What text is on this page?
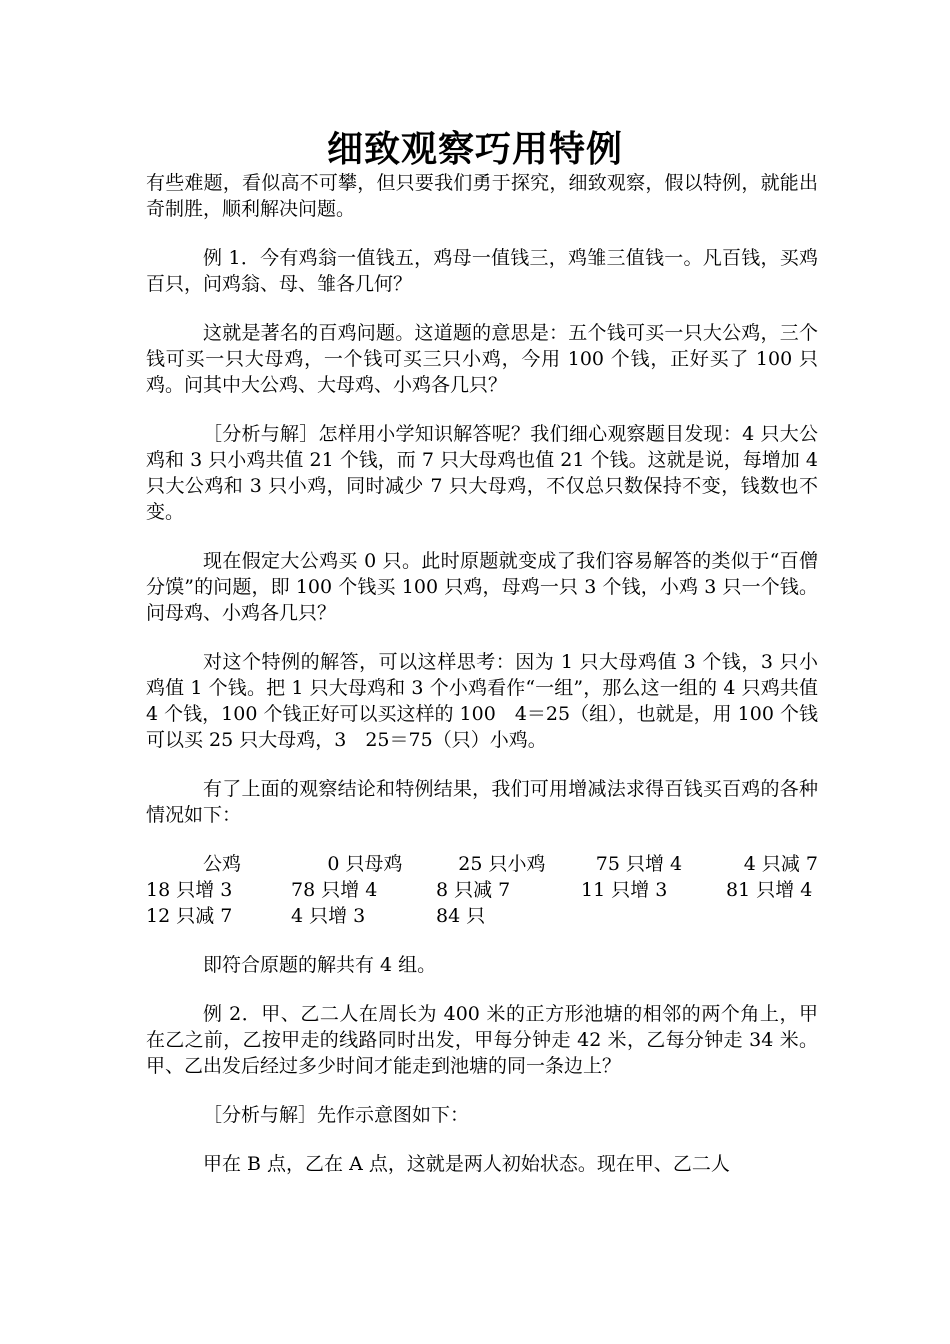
细致观察巧用特例

有些难题，看似高不可攀，但只要我们勇于探究，细致观察，假以特例，就能出奇制胜，顺利解决问题。

例 1．今有鸡翁一值钱五，鸡母一值钱三，鸡雏三值钱一。凡百钱，买鸡百只，问鸡翁、母、雏各几何？

这就是著名的百鸡问题。这道题的意思是：五个钱可买一只大公鸡，三个钱可买一只大母鸡，一个钱可买三只小鸡，今用 100 个钱，正好买了 100 只鸡。问其中大公鸡、大母鸡、小鸡各几只？

［分析与解］怎样用小学知识解答呢？我们细心观察题目发现：4 只大公鸡和 3 只小鸡共值 21 个钱，而 7 只大母鸡也值 21 个钱。这就是说，每增加 4 只大公鸡和 3 只小鸡，同时减少 7 只大母鸡，不仅总只数保持不变，钱数也不变。

现在假定大公鸡买 0 只。此时原题就变成了我们容易解答的类似于“百僧分馍”的问题，即 100 个钱买 100 只鸡，母鸡一只 3 个钱，小鸡 3 只一个钱。问母鸡、小鸡各几只？

对这个特例的解答，可以这样思考：因为 1 只大母鸡值 3 个钱，3 只小鸡值 1 个钱。把 1 只大母鸡和 3 个小鸡看作“一组”，那么这一组的 4 只鸡共值 4 个钱，100 个钱正好可以买这样的 100　4＝25（组），也就是，用 100 个钱可以买 25 只大母鸡，3　25＝75（只）小鸡。

有了上面的观察结论和特例结果，我们可用增减法求得百钱买百鸡的各种情况如下：

公鸡	0 只母鸡	25 只小鸡	75 只增 4	4 只减 7
18 只增 3	78 只增 4	8 只减 7	11 只增 3	81 只增 4
12 只减 7	4 只增 3	84 只

即符合原题的解共有 4 组。

例 2．甲、乙二人在周长为 400 米的正方形池塘的相邻的两个角上，甲在乙之前，乙按甲走的线路同时出发，甲每分钟走 42 米，乙每分钟走 34 米。甲、乙出发后经过多少时间才能走到池塘的同一条边上？

［分析与解］先作示意图如下：

甲在 B 点，乙在 A 点，这就是两人初始状态。现在甲、乙二人
